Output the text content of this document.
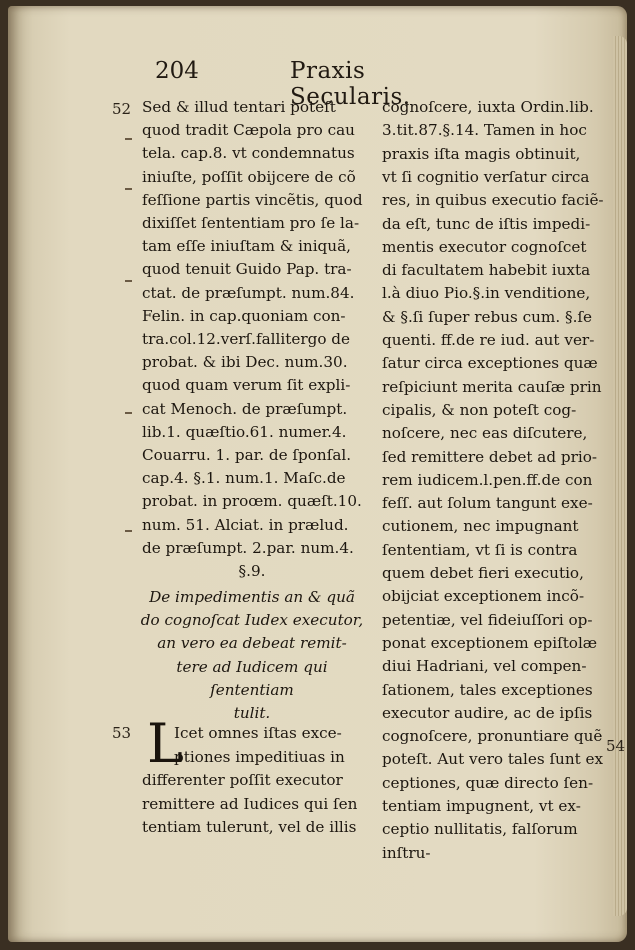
204	Praxis Secularis.
52
53
54
Sed & illud tentari poteſt
quod tradit Cæpola pro cau
tela. cap.8. vt condemnatus
iniuſte, poſſit obijcere de cõ
feſſione partis vincẽtis, quod
dixiſſet ſententiam pro ſe la-
tam eſſe iniuſtam & iniquã,
quod tenuit Guido Pap. tra-
ctat. de præſumpt. num.84.
Felin. in cap.quoniam con-
tra.col.12.verſ.fallitergo de
probat. & ibi Dec. num.30.
quod quam verum ſit expli-
cat Menoch. de præſumpt.
lib.1. quæſtio.61. numer.4.
Couarru. 1. par. de ſponſal.
cap.4. §.1. num.1. Maſc.de
probat. in proœm. quæſt.10.
num. 51. Alciat. in prælud.
de præſumpt. 2.par. num.4.
§.9.
De impedimentis an & quã
do cognoſcat Iudex executor,
an vero ea debeat remit-
tere ad Iudicem qui
ſententiam
tulit.
Icet omnes iſtas exce-
ptiones impeditiuas in
differenter poſſit executor
remittere ad Iudices qui ſen
tentiam tulerunt, vel de illis
L
cognoſcere, iuxta Ordin.lib.
3.tit.87.§.14. Tamen in hoc
praxis iſta magis obtinuit,
vt ſi cognitio verſatur circa
res, in quibus executio faciẽ-
da eſt, tunc de iſtis impedi-
mentis executor cognoſcet
di facultatem habebit iuxta
l.à diuo Pio.§.in venditione,
& §.ſi ſuper rebus cum. §.ſe
quenti. ff.de re iud. aut ver-
ſatur circa exceptiones quæ
reſpiciunt merita cauſæ prin
cipalis, & non poteſt cog-
noſcere, nec eas diſcutere,
ſed remittere debet ad prio-
rem iudicem.l.pen.ff.de con
feſſ. aut ſolum tangunt exe-
cutionem, nec impugnant
ſententiam, vt ſi is contra
quem debet fieri executio,
obijciat exceptionem incõ-
petentiæ, vel fideiuſſori op-
ponat exceptionem epiſtolæ
diui Hadriani, vel compen-
ſationem, tales exceptiones
executor audire, ac de ipſis
cognoſcere, pronuntiare quẽ
poteſt. Aut vero tales ſunt ex
ceptiones, quæ directo ſen-
tentiam impugnent, vt ex-
ceptio nullitatis, falſorum
inſtru-
